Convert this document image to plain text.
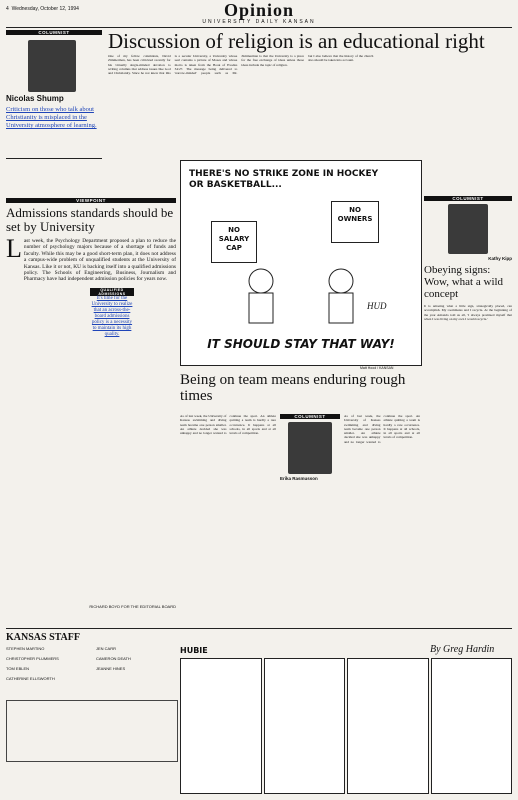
4 Wednesday, October 12, 1994	Opinion
UNIVERSITY DAILY KANSAN
COLUMNIST
Nicolas Shump
Criticism on those who talk about Christianity is misplaced in the University atmosphere of learning.
Discussion of religion is an educational right
One of my fellow columnists, David Zimmerman, has been criticized recently for his virtually single-minded devotion to writing columns that address issues like God and Christianity. Since he not knew that this is a secular University, a University whose seal contains a picture of Moses and whose motto is taken from the Book of Exodus 34:27. The message being delivered to 'narrow-minded' people such as Mr. Zimmerman is that the University is a place for the free exchange of ideas unless those ideas include the topic of religion.
but I also believe that the history of the church also should be taken into account.
VIEWPOINT
Admissions standards should be set by University
L ast week, the Psychology Department proposed a plan to reduce the number of psychology majors because of a shortage of funds and faculty. While this may be a good short-term plan, it does not address a campus-wide problem of unqualified students at the University of Kansas. Like it or not, KU is backing itself into a qualified admissions policy. The Schools of Engineering, Business, Journalism and Pharmacy have had independent admission policies for years now.
QUALIFIED ADMISSIONS
It's time for the University to realize that an across-the-board admissions policy is a necessity to maintain its high quality.
RICHARD BOYD FOR THE EDITORIAL BOARD
THERE'S NO STRIKE ZONE IN HOCKEY OR BASKETBALL...
NO SALARY CAP
NO OWNERS
HUD
IT SHOULD STAY THAT WAY!
Matt Hood / KANSAN
COLUMNIST
Kathy Kipp
Obeying signs: Wow, what a wild concept
It is amazing what a little sign, strategically placed, can accomplish. My roommates and I recycle. At the beginning of the year Amanda told us all, 'I always promised myself that when I was living on my own I would recycle.'
Being on team means enduring rough times
As of last week, the University of Kansas swimming and diving team became one person smaller. An athlete decided she was unhappy and no longer wanted to continue the sport. An athlete quitting a team is hardly a rare occurrence. It happens at all schools, in all sports and at all levels of competition.
COLUMNIST
Erika Rasmusson
As of last week, the University of Kansas swimming and diving team became one person smaller. An athlete decided she was unhappy and no longer wanted to continue the sport. An athlete quitting a team is hardly a rare occurrence. It happens at all schools, in all sports and at all levels of competition.
KANSAS STAFF
STEPHEN MARTINO

CHRISTOPHER PLUMMERS

TOM EBLEN

CATHERINE ELLSWORTH
JEN CARR

CAMERON DEATH

JEANNE HINES
HUBIE	By Greg Hardin
